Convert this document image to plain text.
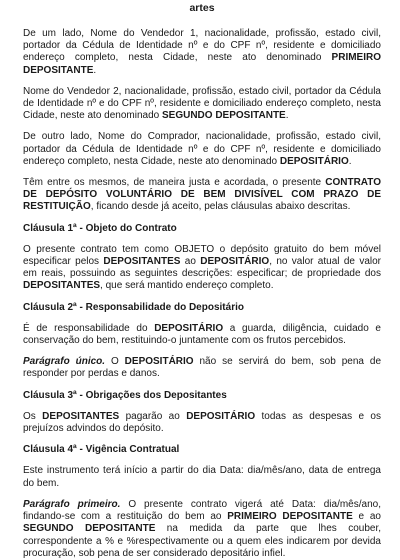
artes

De um lado, Nome do Vendedor 1, nacionalidade, profissão, estado civil, portador da Cédula de Identidade nº e do CPF nº, residente e domiciliado endereço completo, nesta Cidade, neste ato denominado PRIMEIRO DEPOSITANTE.

Nome do Vendedor 2, nacionalidade, profissão, estado civil, portador da Cédula de Identidade nº e do CPF nº, residente e domiciliado endereço completo, nesta Cidade, neste ato denominado SEGUNDO DEPOSITANTE.

De outro lado, Nome do Comprador, nacionalidade, profissão, estado civil, portador da Cédula de Identidade nº e do CPF nº, residente e domiciliado endereço completo, nesta Cidade, neste ato denominado DEPOSITÁRIO.

Têm entre os mesmos, de maneira justa e acordada, o presente CONTRATO DE DEPÓSITO VOLUNTÁRIO DE BEM DIVISÍVEL COM PRAZO DE RESTITUIÇÃO, ficando desde já aceito, pelas cláusulas abaixo descritas.

Cláusula 1ª - Objeto do Contrato

O presente contrato tem como OBJETO o depósito gratuito do bem móvel especificar pelos DEPOSITANTES ao DEPOSITÁRIO, no valor atual de valor em reais, possuindo as seguintes descrições: especificar; de propriedade dos DEPOSITANTES, que será mantido endereço completo.

Cláusula 2ª - Responsabilidade do Depositário

É de responsabilidade do DEPOSITÁRIO a guarda, diligência, cuidado e conservação do bem, restituindo-o juntamente com os frutos percebidos.

Parágrafo único. O DEPOSITÁRIO não se servirá do bem, sob pena de responder por perdas e danos.

Cláusula 3ª - Obrigações dos Depositantes

Os DEPOSITANTES pagarão ao DEPOSITÁRIO todas as despesas e os prejuízos advindos do depósito.

Cláusula 4ª - Vigência Contratual

Este instrumento terá início a partir do dia Data: dia/mês/ano, data de entrega do bem.

Parágrafo primeiro. O presente contrato vigerá até Data: dia/mês/ano, findando-se com a restituição do bem ao PRIMEIRO DEPOSITANTE e ao SEGUNDO DEPOSITANTE na medida da parte que lhes couber, correspondente a % e %respectivamente ou a quem eles indicarem por devida procuração, sob pena de ser considerado depositário infiel.
